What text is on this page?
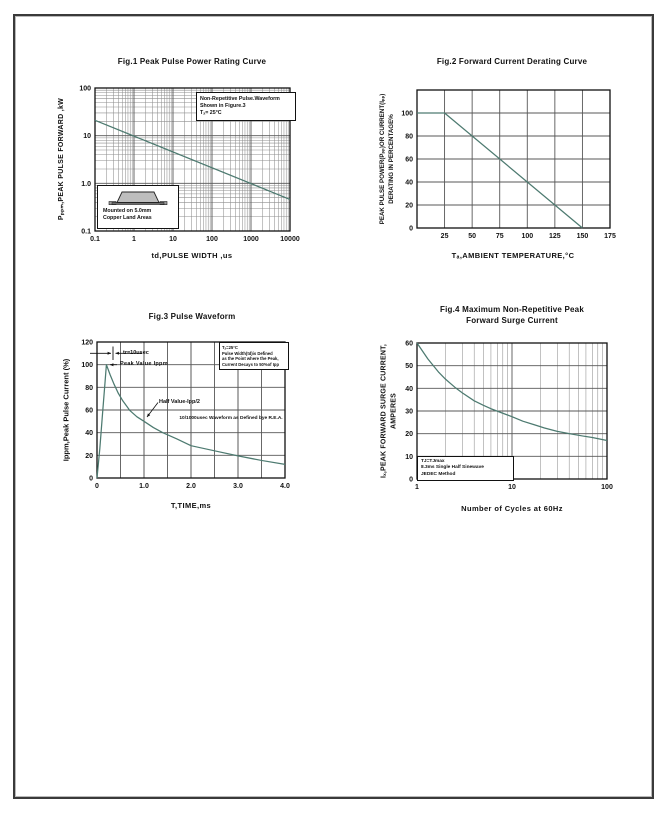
0.1	1	10	100	1000	10000
0.1
1.0
10
100
Fig.1 Peak Pulse Power Rating Curve
Pₚₚₘ,PEAK PULSE FORWARD ,kW
td,PULSE WIDTH ,us
Non-Repetitive Pulse.Waveform
Shown in Figure.3
Tₐ= 25°C
Mounted on 5.0mm
Copper Land Areas
25	50	75	100 125 150 175
0
20
40
60
80
100
Fig.2 Forward Current Derating Curve
PEAK PULSE POWER(Pₚₚ)OR CURRENT(Iₚₚ) DERATING IN PERCENTAGE%
Tₐ,AMBIENT TEMPERATURE,°C
0	1.0	2.0	3.0	4.0
0
20
40
60
80
100
120
Fig.3 Pulse Waveform
Ippm,Peak Pulse Current (%)
T,TIME,ms
tr=10usec
Peak Value Ippm
Half Value-Ipp/2
10/1000usec Waveform as Defined bye R.E.A.
Tₐ=25°C
Pulse Width(td)is Defined
as the Point where the Peak,
Current Decays to 50%of Ipp
1	10	100
0
10
20
30
40
50
60
Fig.4 Maximum Non-Repetitive Peak
Forward Surge Current
Iₓ,PEAK FORWARD SURGE CURRENT, AMPERES
Number of Cycles at 60Hz
TJ=TJmax
8.3ms Single Half Sinewave
JEDEC Method
